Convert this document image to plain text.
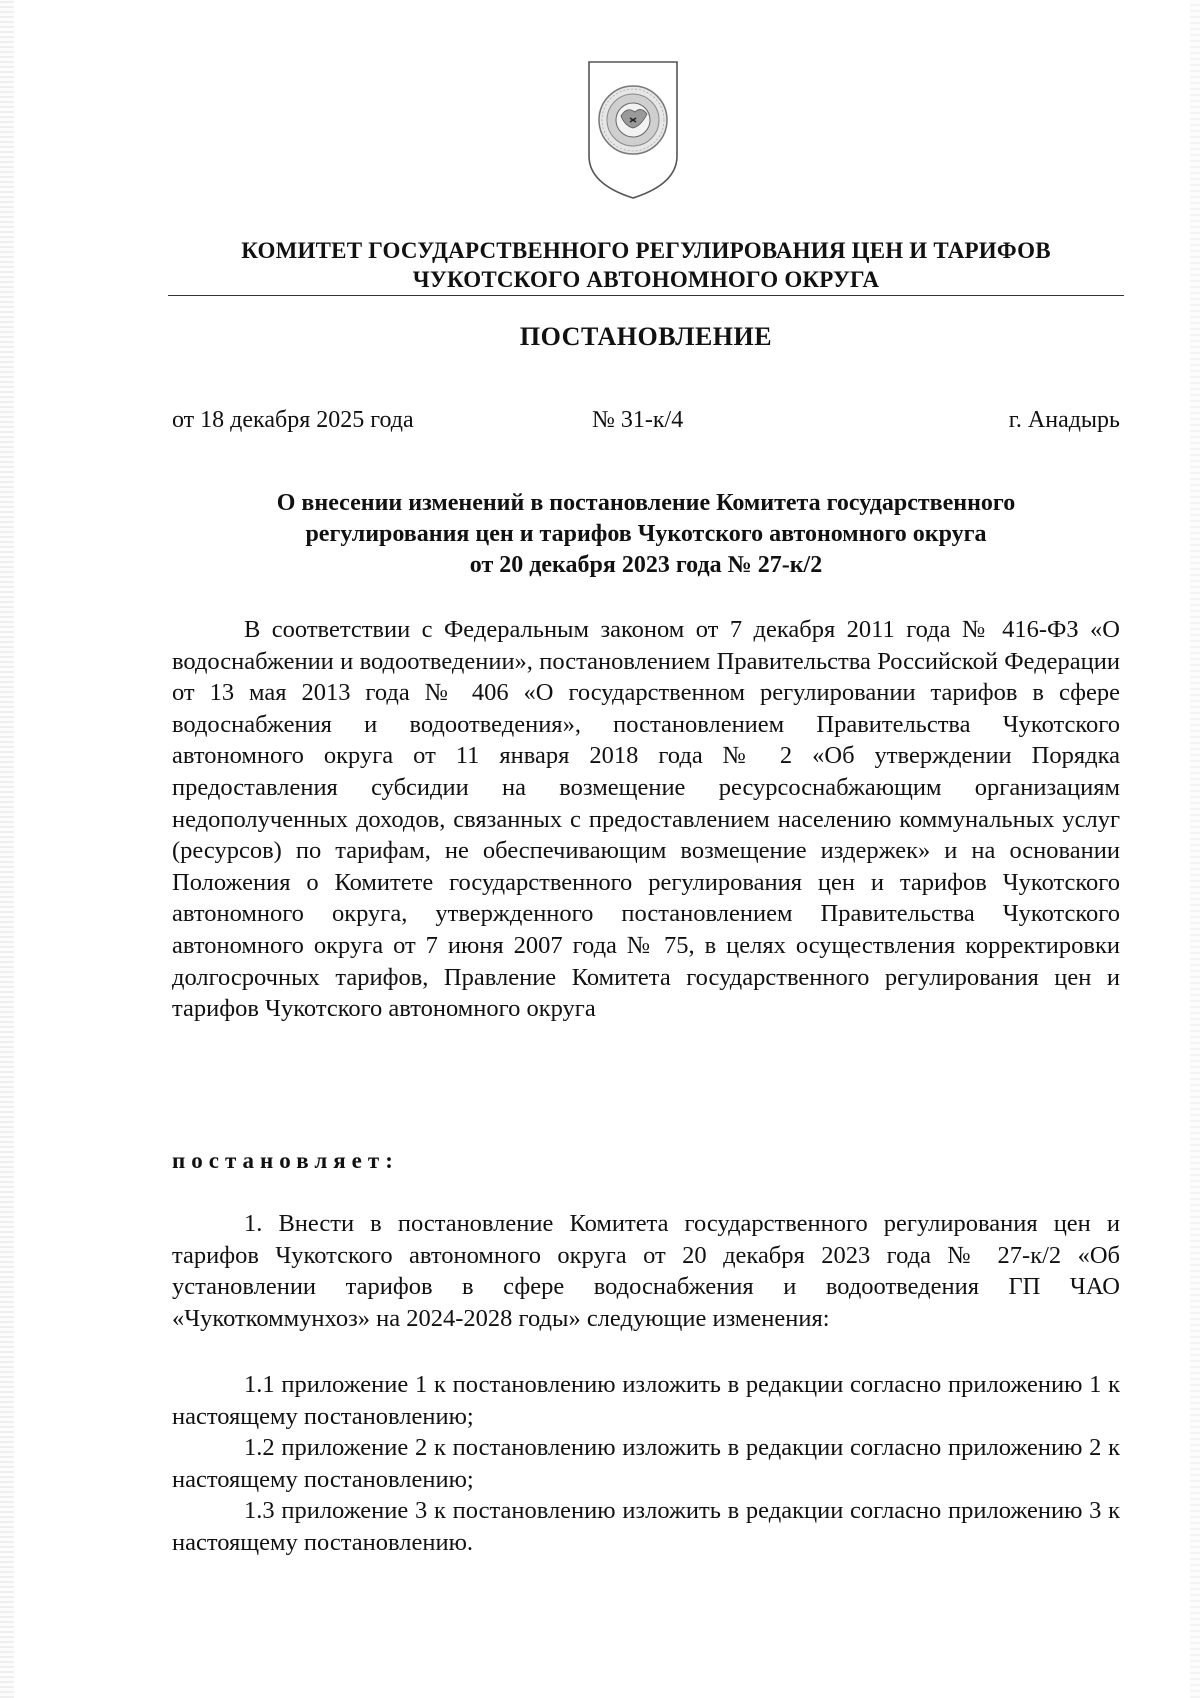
КОМИТЕТ ГОСУДАРСТВЕННОГО РЕГУЛИРОВАНИЯ ЦЕН И ТАРИФОВ
ЧУКОТСКОГО АВТОНОМНОГО ОКРУГА
ПОСТАНОВЛЕНИЕ
от 18 декабря 2025 года	№ 31-к/4	г. Анадырь
О внесении изменений в постановление Комитета государственного
регулирования цен и тарифов Чукотского автономного округа
от 20 декабря 2023 года № 27-к/2

В соответствии с Федеральным законом от 7 декабря 2011 года № 416-ФЗ «О водоснабжении и водоотведении», постановлением Правительства Российской Федерации от 13 мая 2013 года № 406 «О государственном регулировании тарифов в сфере водоснабжения и водоотведения», постановлением Правительства Чукотского автономного округа от 11 января 2018 года № 2 «Об утверждении Порядка предоставления субсидии на возмещение ресурсоснабжающим организациям недополученных доходов, связанных с предоставлением населению коммунальных услуг (ресурсов) по тарифам, не обеспечивающим возмещение издержек» и на основании Положения о Комитете государственного регулирования цен и тарифов Чукотского автономного округа, утвержденного постановлением Правительства Чукотского автономного округа от 7 июня 2007 года № 75, в целях осуществления корректировки долгосрочных тарифов, Правление Комитета государственного регулирования цен и тарифов Чукотского автономного округа

постановляет:

1. Внести в постановление Комитета государственного регулирования цен и тарифов Чукотского автономного округа от 20 декабря 2023 года № 27-к/2 «Об установлении тарифов в сфере водоснабжения и водоотведения ГП ЧАО «Чукоткоммунхоз» на 2024-2028 годы» следующие изменения:

1.1 приложение 1 к постановлению изложить в редакции согласно приложению 1 к настоящему постановлению;

1.2 приложение 2 к постановлению изложить в редакции согласно приложению 2 к настоящему постановлению;

1.3 приложение 3 к постановлению изложить в редакции согласно приложению 3 к настоящему постановлению.
